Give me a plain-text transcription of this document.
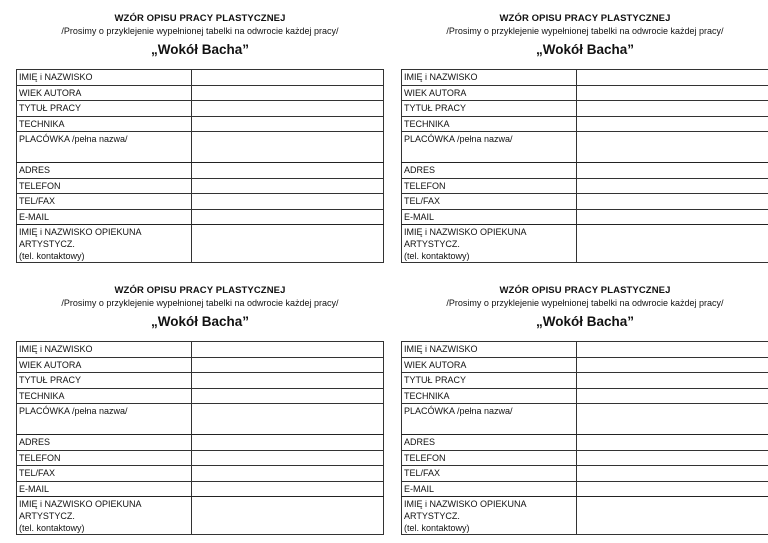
WZÓR OPISU PRACY PLASTYCZNEJ
/Prosimy o przyklejenie wypełnionej tabelki na odwrocie każdej pracy/
„Wokół Bacha”
IMIĘ i NAZWISKO	
WIEK AUTORA	
TYTUŁ PRACY	
TECHNIKA	
PLACÓWKA /pełna nazwa/	
ADRES	
TELEFON	
TEL/FAX	
E-MAIL	

IMIĘ i NAZWISKO OPIEKUNA ARTYSTYCZ.
(tel. kontaktowy)	

WZÓR OPISU PRACY PLASTYCZNEJ
/Prosimy o przyklejenie wypełnionej tabelki na odwrocie każdej pracy/
„Wokół Bacha”
IMIĘ i NAZWISKO	
WIEK AUTORA	
TYTUŁ PRACY	
TECHNIKA	
PLACÓWKA /pełna nazwa/	
ADRES	
TELEFON	
TEL/FAX	
E-MAIL	

IMIĘ i NAZWISKO OPIEKUNA ARTYSTYCZ.
(tel. kontaktowy)	

WZÓR OPISU PRACY PLASTYCZNEJ
/Prosimy o przyklejenie wypełnionej tabelki na odwrocie każdej pracy/
„Wokół Bacha”
IMIĘ i NAZWISKO	
WIEK AUTORA	
TYTUŁ PRACY	
TECHNIKA	
PLACÓWKA /pełna nazwa/	
ADRES	
TELEFON	
TEL/FAX	
E-MAIL	

IMIĘ i NAZWISKO OPIEKUNA ARTYSTYCZ.
(tel. kontaktowy)	

WZÓR OPISU PRACY PLASTYCZNEJ
/Prosimy o przyklejenie wypełnionej tabelki na odwrocie każdej pracy/
„Wokół Bacha”
IMIĘ i NAZWISKO	
WIEK AUTORA	
TYTUŁ PRACY	
TECHNIKA	
PLACÓWKA /pełna nazwa/	
ADRES	
TELEFON	
TEL/FAX	
E-MAIL	

IMIĘ i NAZWISKO OPIEKUNA ARTYSTYCZ.
(tel. kontaktowy)	
